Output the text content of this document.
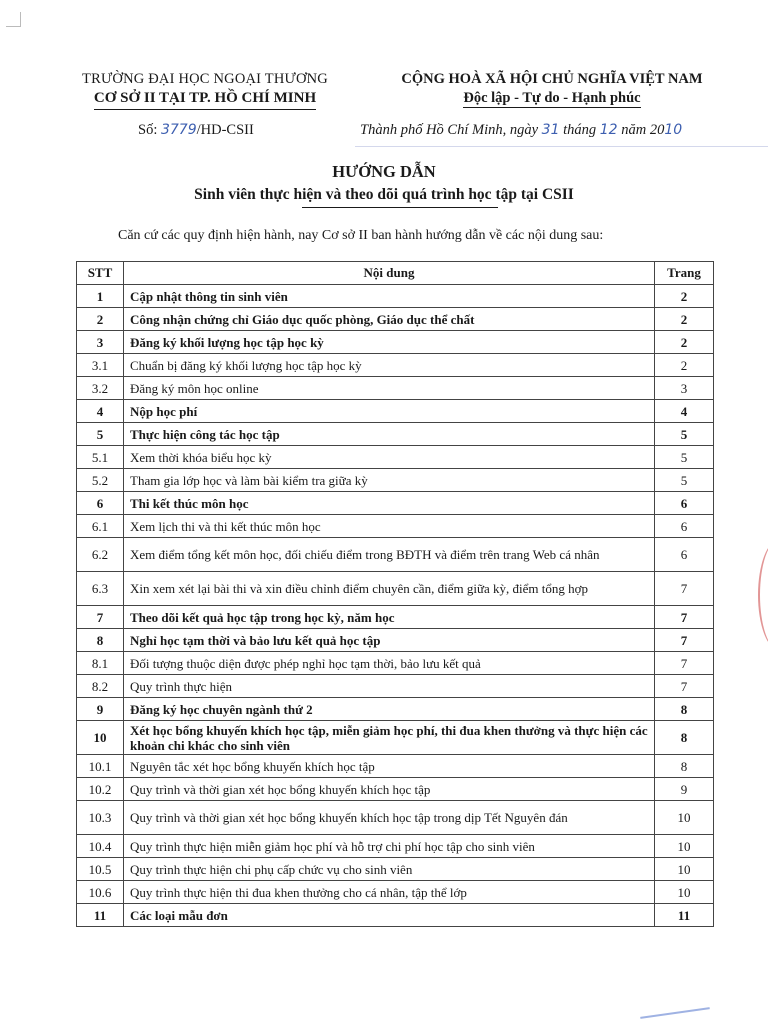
TRƯỜNG ĐẠI HỌC NGOẠI THƯƠNG
CƠ SỞ II TẠI TP. HỒ CHÍ MINH
CỘNG HOÀ XÃ HỘI CHỦ NGHĨA VIỆT NAM
Độc lập - Tự do - Hạnh phúc
Số: 3779/HD-CSII	Thành phố Hồ Chí Minh, ngày 31 tháng 12 năm 2010
HƯỚNG DẪN
Sinh viên thực hiện và theo dõi quá trình học tập tại CSII
Căn cứ các quy định hiện hành, nay Cơ sở II ban hành hướng dẫn về các nội dung sau:
STT	Nội dung	Trang
1	Cập nhật thông tin sinh viên	2
2	Công nhận chứng chỉ Giáo dục quốc phòng, Giáo dục thể chất	2
3	Đăng ký khối lượng học tập học kỳ	2
3.1	Chuẩn bị đăng ký khối lượng học tập học kỳ	2
3.2	Đăng ký môn học online	3
4	Nộp học phí	4
5	Thực hiện công tác học tập	5
5.1	Xem thời khóa biểu học kỳ	5
5.2	Tham gia lớp học và làm bài kiểm tra giữa kỳ	5
6	Thi kết thúc môn học	6
6.1	Xem lịch thi và thi kết thúc môn học	6
6.2	Xem điểm tổng kết môn học, đối chiếu điểm trong BĐTH và điểm trên trang Web cá nhân	6
6.3	Xin xem xét lại bài thi và xin điều chỉnh điểm chuyên cần, điểm giữa kỳ, điểm tổng hợp	7
7	Theo dõi kết quả học tập trong học kỳ, năm học	7
8	Nghỉ học tạm thời và bảo lưu kết quả học tập	7
8.1	Đối tượng thuộc diện được phép nghỉ học tạm thời, bảo lưu kết quả	7
8.2	Quy trình thực hiện	7
9	Đăng ký học chuyên ngành thứ 2	8
10	Xét học bổng khuyến khích học tập, miễn giảm học phí, thi đua khen thưởng và thực hiện các khoản chi khác cho sinh viên	8
10.1	Nguyên tắc xét học bổng khuyến khích học tập	8
10.2	Quy trình và thời gian xét học bổng khuyến khích học tập	9
10.3	Quy trình và thời gian xét học bổng khuyến khích học tập trong dịp Tết Nguyên đán	10
10.4	Quy trình thực hiện miễn giảm học phí và hỗ trợ chi phí học tập cho sinh viên	10
10.5	Quy trình thực hiện chi phụ cấp chức vụ cho sinh viên	10
10.6	Quy trình thực hiện thi đua khen thưởng cho cá nhân, tập thể lớp	10
11	Các loại mẫu đơn	11
